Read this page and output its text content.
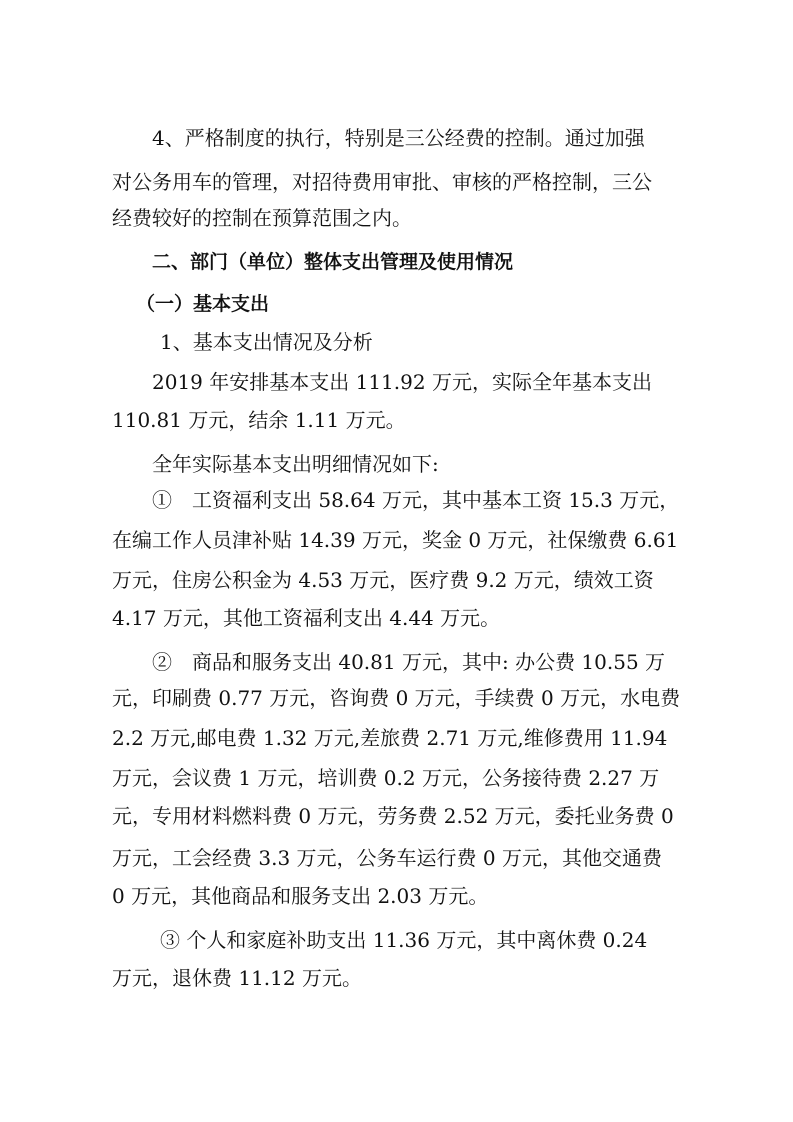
4、严格制度的执行，特别是三公经费的控制。通过加强
对公务用车的管理，对招待费用审批、审核的严格控制，三公
经费较好的控制在预算范围之内。
二、部门（单位）整体支出管理及使用情况
（一）基本支出
1、基本支出情况及分析
2019 年安排基本支出 111.92 万元，实际全年基本支出
110.81 万元，结余 1.11 万元。
全年实际基本支出明细情况如下:
①　工资福利支出 58.64 万元，其中基本工资 15.3 万元，
在编工作人员津补贴 14.39 万元，奖金 0 万元，社保缴费 6.61
万元，住房公积金为 4.53 万元，医疗费 9.2 万元，绩效工资
4.17 万元，其他工资福利支出 4.44 万元。
②　商品和服务支出 40.81 万元，其中: 办公费 10.55 万
元，印刷费 0.77 万元，咨询费 0 万元，手续费 0 万元，水电费
2.2 万元,邮电费 1.32 万元,差旅费 2.71 万元,维修费用 11.94
万元，会议费 1 万元，培训费 0.2 万元，公务接待费 2.27 万
元，专用材料燃料费 0 万元，劳务费 2.52 万元，委托业务费 0
万元，工会经费 3.3 万元，公务车运行费 0 万元，其他交通费
0 万元，其他商品和服务支出 2.03 万元。
③ 个人和家庭补助支出 11.36 万元，其中离休费 0.24
万元，退休费 11.12 万元。
